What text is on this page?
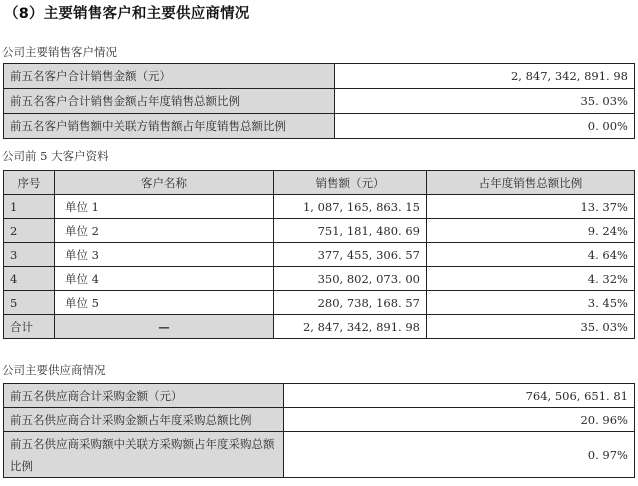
（8）主要销售客户和主要供应商情况
公司主要销售客户情况
前五名客户合计销售金额（元）	2, 847, 342, 891. 98
前五名客户合计销售金额占年度销售总额比例	35. 03%
前五名客户销售额中关联方销售额占年度销售总额比例	0. 00%
公司前 5 大客户资料
序号	客户名称	销售额（元）	占年度销售总额比例
1	单位 1	1, 087, 165, 863. 15	13. 37%
2	单位 2	751, 181, 480. 69	9. 24%
3	单位 3	377, 455, 306. 57	4. 64%
4	单位 4	350, 802, 073. 00	4. 32%
5	单位 5	280, 738, 168. 57	3. 45%
合计	—	2, 847, 342, 891. 98	35. 03%
公司主要供应商情况
前五名供应商合计采购金额（元）	764, 506, 651. 81
前五名供应商合计采购金额占年度采购总额比例	20. 96%
前五名供应商采购额中关联方采购额占年度采购总额比例	0. 97%
